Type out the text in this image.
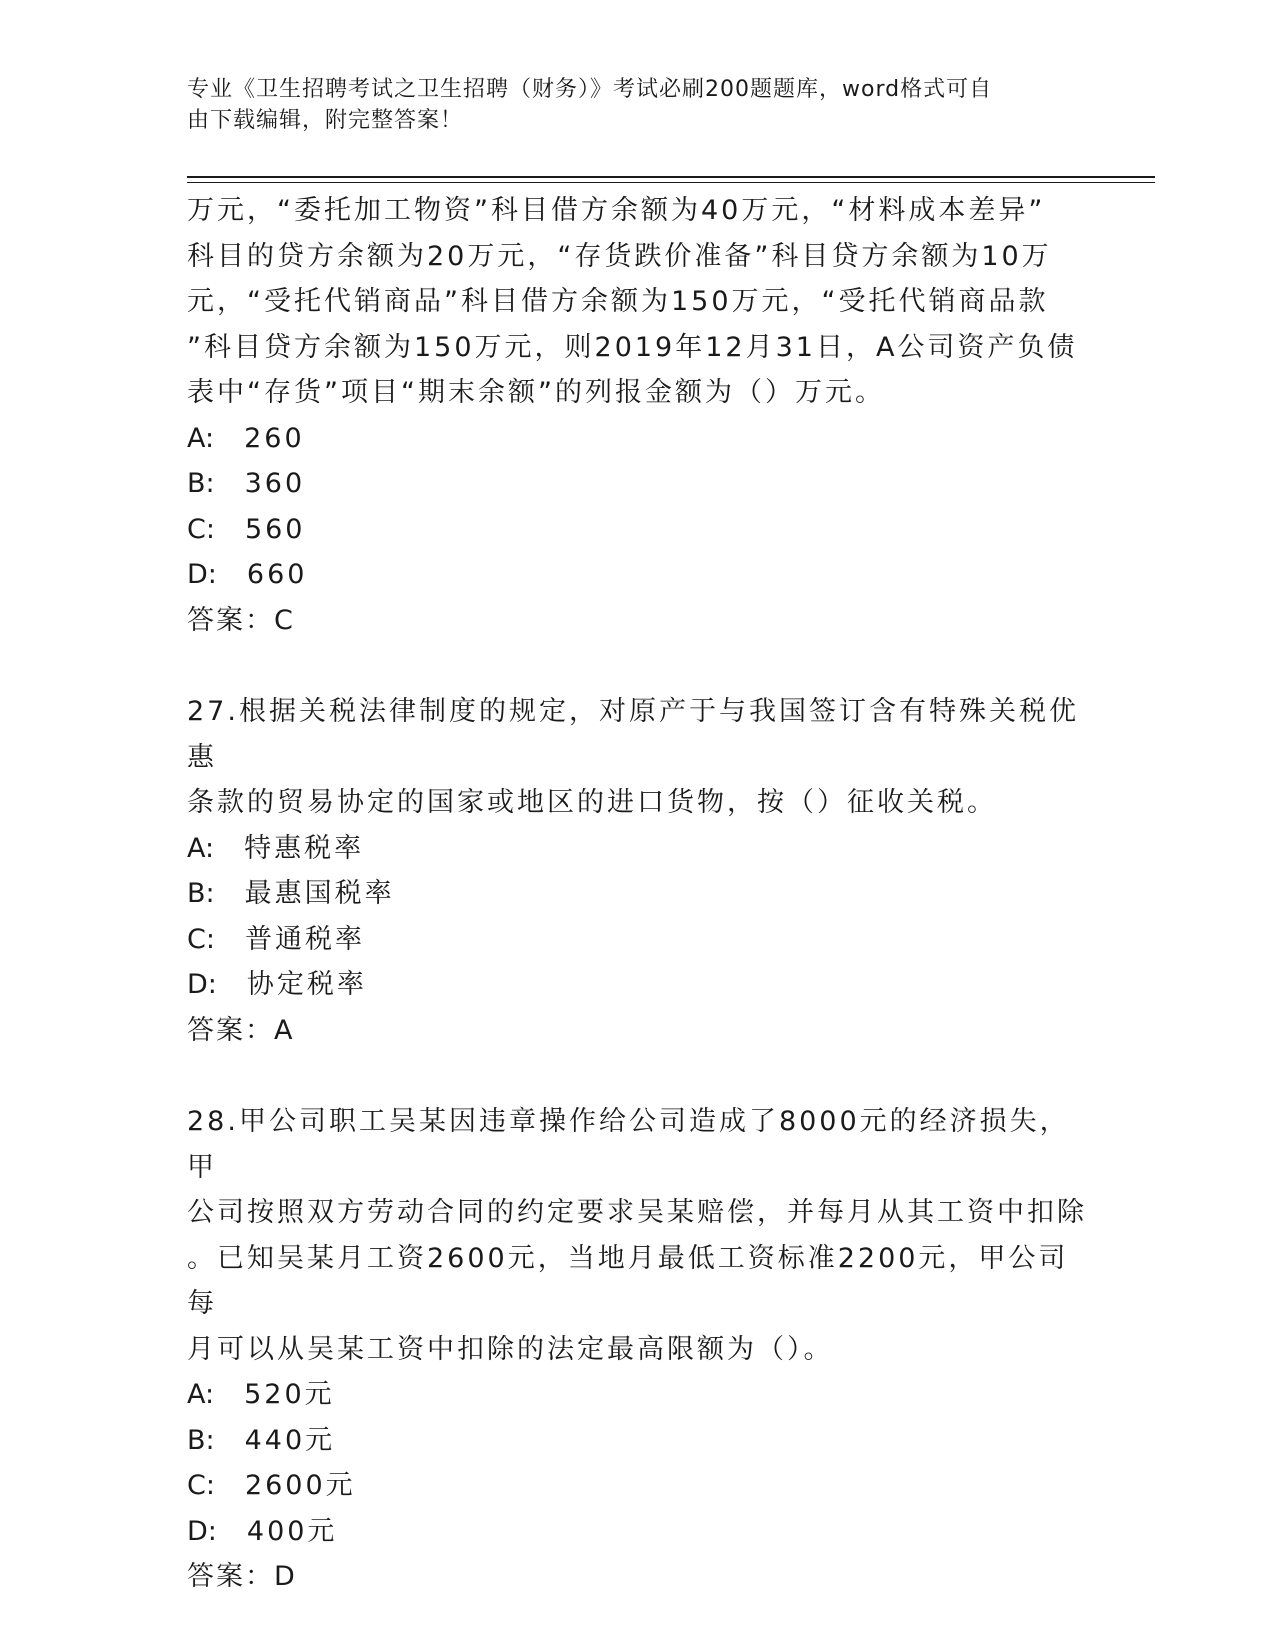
专业《卫生招聘考试之卫生招聘（财务）》考试必刷200题题库，word格式可自
由下载编辑，附完整答案！

万元，“委托加工物资”科目借方余额为40万元，“材料成本差异”

科目的贷方余额为20万元，“存货跌价准备”科目贷方余额为10万

元，“受托代销商品”科目借方余额为150万元，“受托代销商品款

”科目贷方余额为150万元，则2019年12月31日，A公司资产负债

表中“存货”项目“期末余额”的列报金额为（）万元。

A: 260

B: 360

C: 560

D: 660

答案：C

27.根据关税法律制度的规定，对原产于与我国签订含有特殊关税优惠

条款的贸易协定的国家或地区的进口货物，按（）征收关税。

A: 特惠税率

B: 最惠国税率

C: 普通税率

D: 协定税率

答案：A

28.甲公司职工吴某因违章操作给公司造成了8000元的经济损失，甲

公司按照双方劳动合同的约定要求吴某赔偿，并每月从其工资中扣除

。已知吴某月工资2600元，当地月最低工资标准2200元，甲公司每

月可以从吴某工资中扣除的法定最高限额为（）。

A: 520元

B: 440元

C: 2600元

D: 400元

答案：D
